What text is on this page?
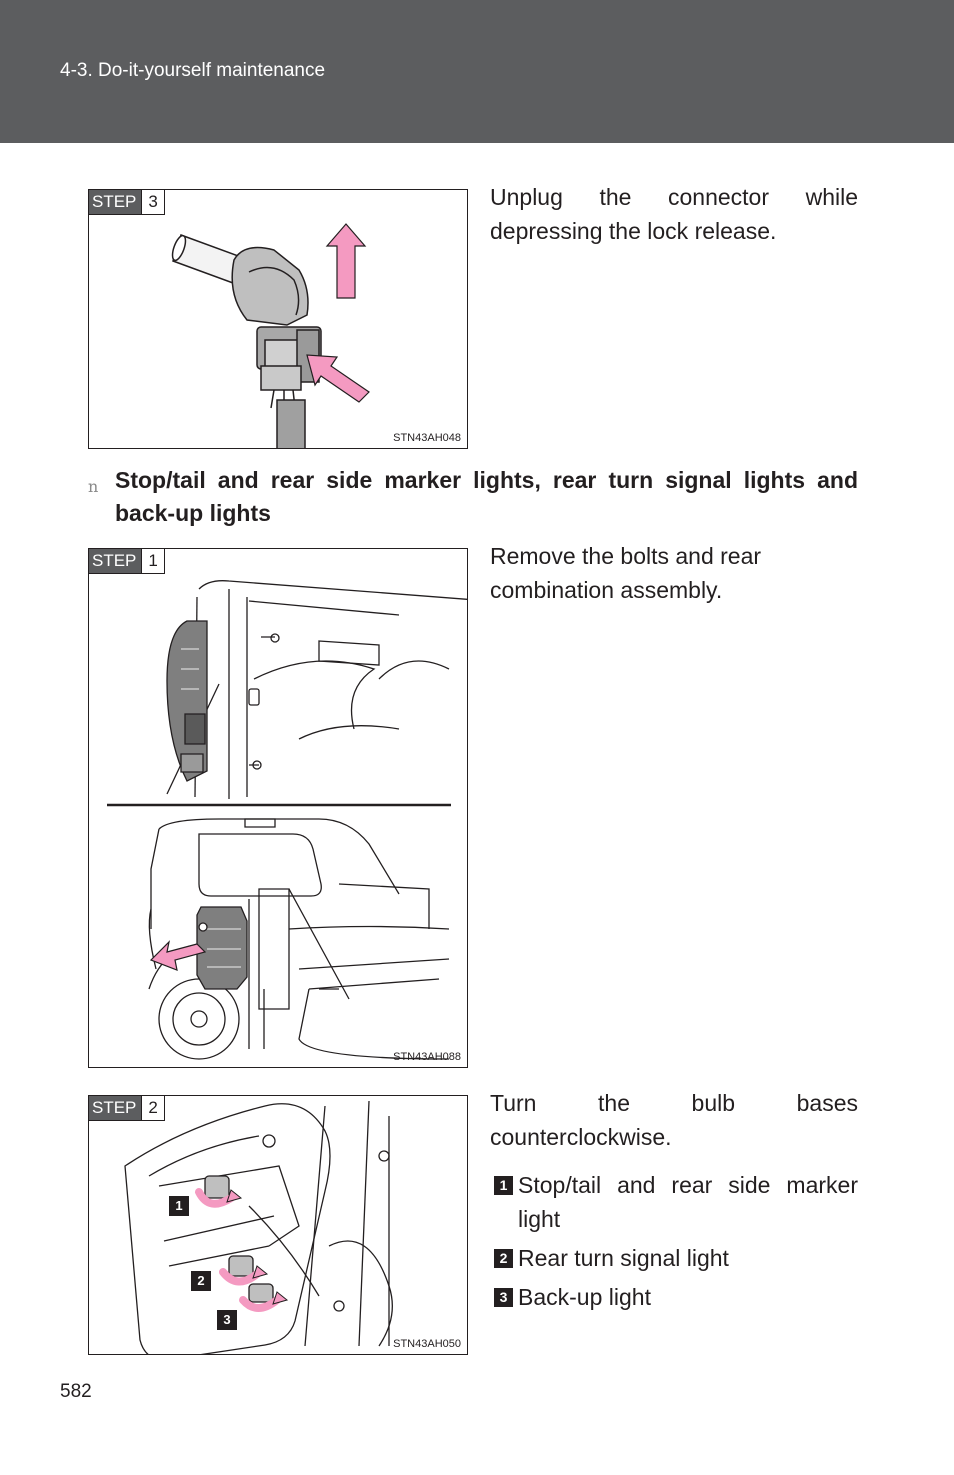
4-3. Do-it-yourself maintenance
STEP 3
STN43AH048
Unplug the connector while depressing the lock release.
n Stop/tail and rear side marker lights, rear turn signal lights and back-up lights
STEP 1
STN43AH088
Remove the bolts and rear combination assembly.
1
2
3
STEP 2
STN43AH050
Turn the bulb bases counterclockwise.
1 Stop/tail and rear side marker light
2 Rear turn signal light
3 Back-up light
582
